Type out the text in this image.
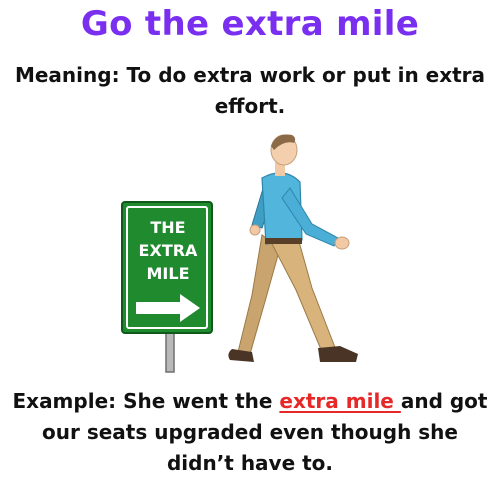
Go the extra mile
Meaning: To do extra work or put in extra
effort.
THE
EXTRA
MILE
Example: She went the extra mile and got
our seats upgraded even though she
didn’t have to.
